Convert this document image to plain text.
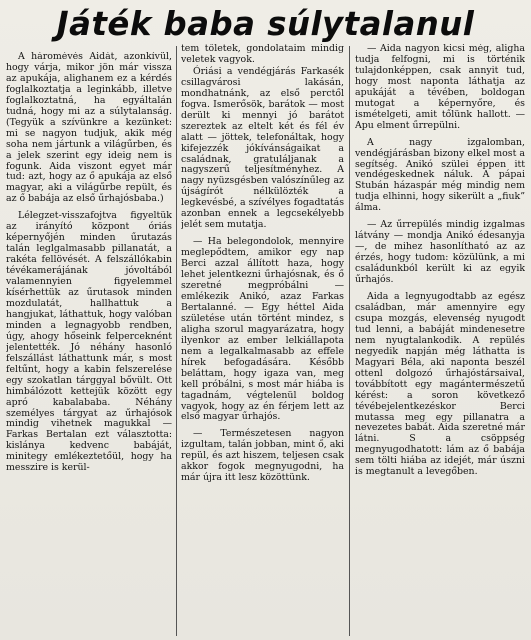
Játék baba súlytalanul

A háromévés Aidát, azonkívül, hogy várja, mikor jön már vissza az apukája, alighanem ez a kérdés foglalkoztatja a leginkább, illetve foglalkoztatná, ha egyáltalán tudná, hogy mi az a súlytalanság. (Tegyük a szívünkre a kezünket: mi se nagyon tudjuk, akik még soha nem jártunk a világűrben, és a jelek szerint egy ideig nem is fogunk. Aida viszont egyet már tud: azt, hogy az ő apukája az első magyar, aki a világűrbe repült, és az ő babája az első űrhajósbaba.)

Lélegzet-visszafojtva figyeltük az irányító központ óriás képernyőjén minden űrutazás talán leglgalmasabb pillanatát, a rakéta fellövését. A felszállókabin tévékamerájának jóvoltából valamennyien figyelemmel kísérhettük az űrutasok minden mozdulatát, hallhattuk a hangjukat, láthattuk, hogy valóban minden a legnagyobb rendben, úgy, ahogy hőseink felperceknént jelentették. Jó néhány hasonló felszállást láthattunk már, s most feltűnt, hogy a kabin felszerelése egy szokatlan tárggyal bővült. Ott himbálózott kettejük között egy apró kabalababa. Néhány személyes tárgyat az űrhajósok mindig vihetnek magukkal — Farkas Bertalan ezt választotta: kislánya kedvenc babáját, minitegy emlékeztetőül, hogy ha messzire is kerül-

tem tőletek, gondolataim mindig veletek vagyok.

Óriási a vendégjárás Farkasék csillagvárosi lakásán, mondhatnánk, az első perctől fogva. Ismerősök, barátok — most derült ki mennyi jó barátot szereztek az eltelt két és fél év alatt — jöttek, telefonáltak, hogy kifejezzék jókívánságaikat a családnak, gratuláljanak a nagyszerű teljesítményhez. A nagy nyüzsgésben valószínűleg az újságírót nélkülözték a legkevésbé, a szívélyes fogadtatás azonban ennek a legcsekélyebb jelét sem mutatja.

— Ha belegondolok, mennyire meglepődtem, amikor egy nap Berci azzal állított haza, hogy lehet jelentkezni űrhajósnak, és ő szeretné megpróbálni — emlékezik Anikó, azaz Farkas Bertalanné. — Egy héttel Aida születése után történt mindez, s aligha szorul magyarázatra, hogy ilyenkor az ember lelkiállapota nem a legalkalmasabb az effele hírek befogadására. Később beláttam, hogy igaza van, meg kell próbálni, s most már hiába is tagadnám, végtelenül boldog vagyok, hogy az én férjem lett az első magyar űrhajós.

— Természetesen nagyon izgultam, talán jobban, mint ő, aki repül, és azt hiszem, teljesen csak akkor fogok megnyugodni, ha már újra itt lesz közöttünk.

— Aida nagyon kicsi még, aligha tudja felfogni, mi is történik tulajdonképpen, csak annyit tud, hogy most naponta láthatja az apukáját a tévében, boldogan mutogat a képernyőre, és ismételgeti, amit tőlünk hallott. — Apu elment űrrepülni.

A nagy izgalomban, vendégjárásban bizony elkel most a segítség. Anikó szülei éppen itt vendégeskednek náluk. A pápai Stubán házaspár még mindig nem tudja elhinni, hogy sikerült a „fiuk” álma.

— Az űrrepülés mindig izgalmas látvány — mondja Anikó édesanyja —, de mihez hasonlítható az az érzés, hogy tudom: közülünk, a mi családunkból került ki az egyik űrhajós.

Aida a legnyugodtabb az egész családban, már amennyire egy csupa mozgás, elevenség nyugodt tud lenni, a babáját mindenesetre nem nyugtalankodik. A repülés negyedik napján még láthatta is Magyari Béla, aki naponta beszél ottenl dolgozó űrhajóstársaival, továbbított egy magántermészetű kérést: a soron következő tévébejelentkezéskor Berci mutassa meg egy pillanatra a nevezetes babát. Aida szeretné már látni. S a csöppség megnyugodhatott: lám az ő babája sem tölti hiába az idejét, már úszni is megtanult a levegőben.
